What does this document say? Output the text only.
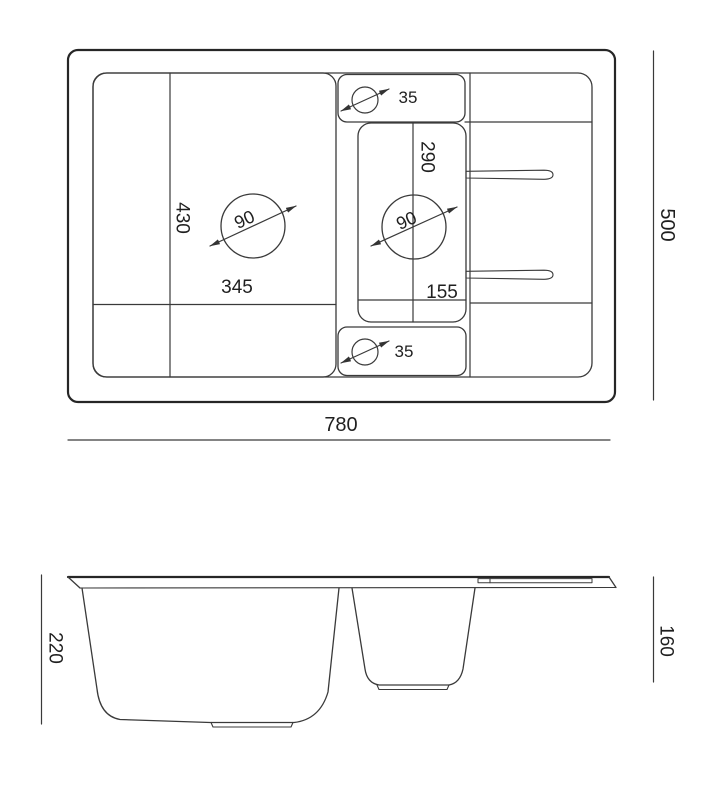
90
35
90
35
430
345
290
155
500
780
220	160
